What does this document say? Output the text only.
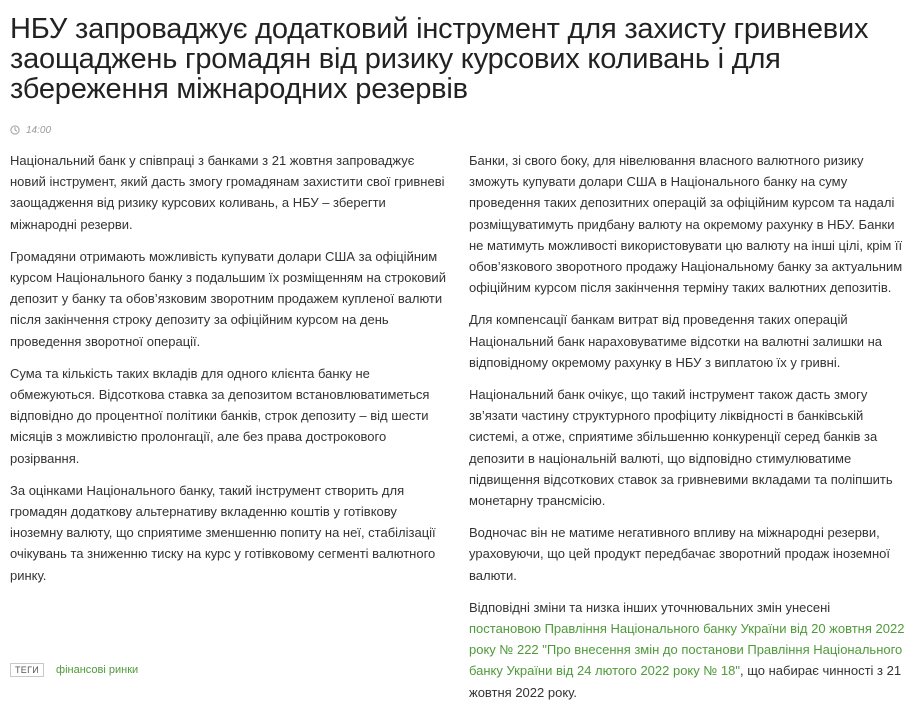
НБУ запроваджує додатковий інструмент для захисту гривневих заощаджень громадян від ризику курсових коливань і для збереження міжнародних резервів
14:00

Національний банк у співпраці з банками з 21 жовтня запроваджує новий інструмент, який дасть змогу громадянам захистити свої гривневі заощадження від ризику курсових коливань, а НБУ – зберегти міжнародні резерви.

Громадяни отримають можливість купувати долари США за офіційним курсом Національного банку з подальшим їх розміщенням на строковий депозит у банку та обов’язковим зворотним продажем купленої валюти після закінчення строку депозиту за офіційним курсом на день проведення зворотної операції.

Сума та кількість таких вкладів для одного клієнта банку не обмежуються. Відсоткова ставка за депозитом встановлюватиметься відповідно до процентної політики банків, строк депозиту – від шести місяців з можливістю пролонгації, але без права дострокового розірвання.

За оцінками Національного банку, такий інструмент створить для громадян додаткову альтернативу вкладенню коштів у готівкову іноземну валюту, що сприятиме зменшенню попиту на неї, стабілізації очікувань та зниженню тиску на курс у готівковому сегменті валютного ринку.

Банки, зі свого боку, для нівелювання власного валютного ризику зможуть купувати долари США в Національного банку на суму проведення таких депозитних операцій за офіційним курсом та надалі розміщуватимуть придбану валюту на окремому рахунку в НБУ. Банки не матимуть можливості використовувати цю валюту на інші цілі, крім її обов’язкового зворотного продажу Національному банку за актуальним офіційним курсом після закінчення терміну таких валютних депозитів.

Для компенсації банкам витрат від проведення таких операцій Національний банк нараховуватиме відсотки на валютні залишки на відповідному окремому рахунку в НБУ з виплатою їх у гривні.

Національний банк очікує, що такий інструмент також дасть змогу зв’язати частину структурного профіциту ліквідності в банківській системі, а отже, сприятиме збільшенню конкуренції серед банків за депозити в національній валюті, що відповідно стимулюватиме підвищення відсоткових ставок за гривневими вкладами та поліпшить монетарну трансмісію.

Водночас він не матиме негативного впливу на міжнародні резерви, ураховуючи, що цей продукт передбачає зворотний продаж іноземної валюти.

Відповідні зміни та низка інших уточнювальних змін унесені постановою Правління Національного банку України від 20 жовтня 2022 року № 222 "Про внесення змін до постанови Правління Національного банку України від 24 лютого 2022 року № 18", що набирає чинності з 21 жовтня 2022 року.

ТЕГИ	фінансові ринки
